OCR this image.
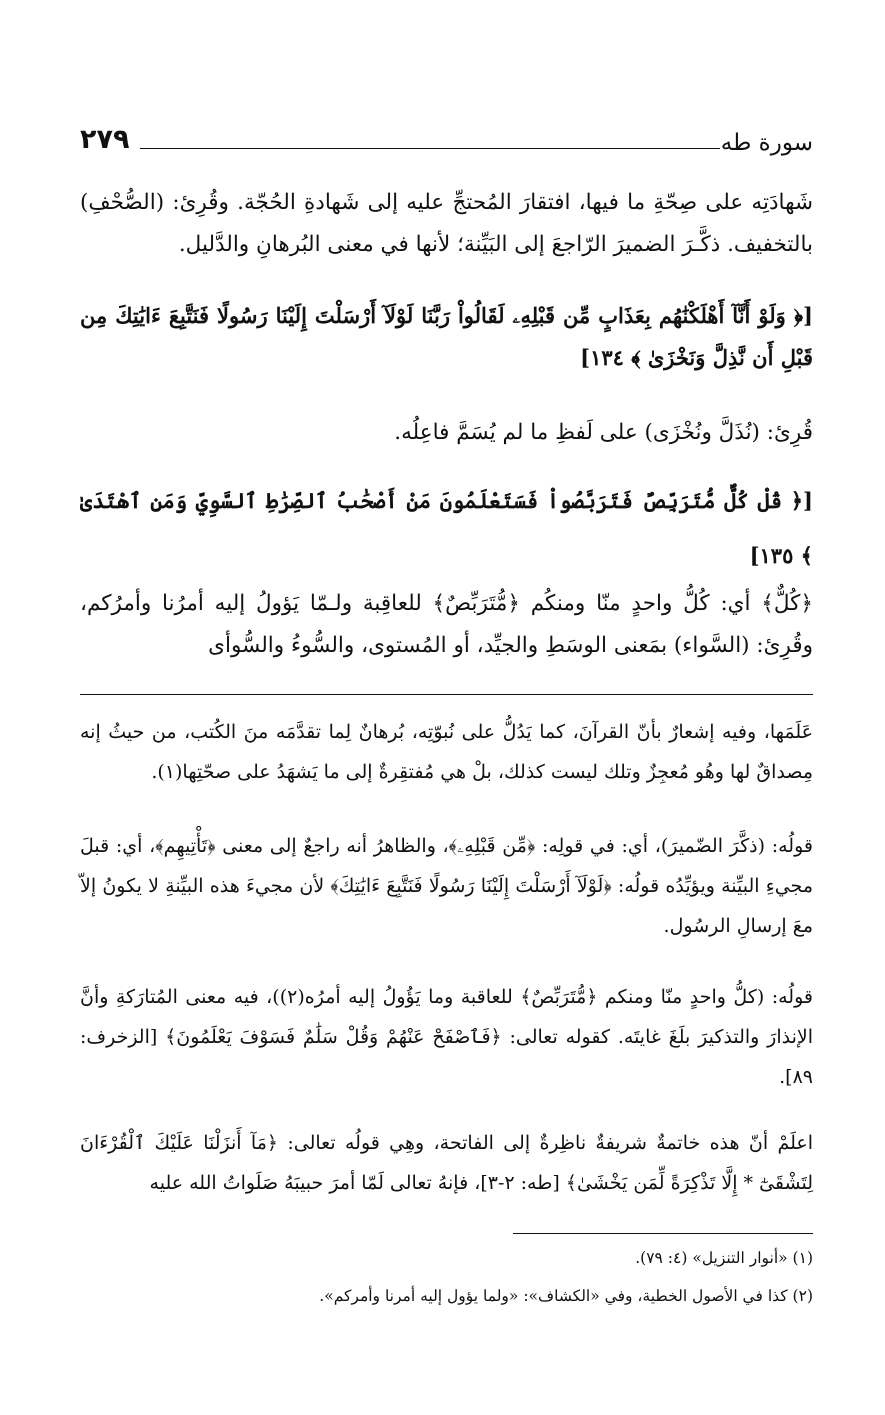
سورة طه
٢٧٩
شَهادَتِه على صِحّةِ ما فيها، افتقارَ المُحتجِّ عليه إلى شَهادةِ الحُجّة. وقُرِئ: (الصُّحْفِ) بالتخفيف. ذكَّـرَ الضميرَ الرّاجعَ إلى البَيِّنة؛ لأنها في معنى البُرهانِ والدَّليل.
[﴿ وَلَوْ أَنَّآ أَهْلَكْنَٰهُم بِعَذَابٍ مِّن قَبْلِهِۦ لَقَالُواْ رَبَّنَا لَوْلَآ أَرْسَلْتَ إِلَيْنَا رَسُولًا فَنَتَّبِعَ ءَايَٰتِكَ مِن قَبْلِ أَن نَّذِلَّ وَنَخْزَىٰ ﴾ ١٣٤]
قُرِئ: (نُذَلَّ ونُخْزَى) على لَفظِ ما لم يُسَمَّ فاعِلُه.
[﴿ قُلْ كُلٌّ مُّتَرَبِّصٌ فَتَرَبَّصُواْ فَسَتَعْلَمُونَ مَنْ أَصْحَٰبُ ٱلصِّرَٰطِ ٱلسَّوِيِّ وَمَنِ ٱهْتَدَىٰ ﴾ ١٣٥]
﴿كُلٌّ﴾ أي: كُلُّ واحدٍ منّا ومنكُم ﴿مُّتَرَبِّصٌ﴾ للعاقِبة ولـمّا يَؤولُ إليه أمرُنا وأمرُكم، وقُرِئ: (السَّواء) بمَعنى الوسَطِ والجيِّد، أو المُستوى، والسُّوءُ والسُّوأى
عَلَمَها، وفيه إشعارٌ بأنّ القرآنَ، كما يَدُلُّ على نُبوّتِه، بُرهانٌ لِما تقدَّمَه منَ الكُتب، من حيثُ إنه مِصداقٌ لها وهُو مُعجِزٌ وتلك ليست كذلك، بلْ هي مُفتقِرةٌ إلى ما يَشهَدُ على صحّتِها(١).
قولُه: (ذكَّرَ الضّميرَ)، أي: في قولِه: ﴿مِّن قَبْلِهِۦ﴾، والظاهرُ أنه راجعٌ إلى معنى ﴿تَأْتِيهِم﴾، أي: قبلَ مجيءِ البيِّنة ويؤيِّدُه قولُه: ﴿لَوْلَآ أَرْسَلْتَ إِلَيْنَا رَسُولًا فَنَتَّبِعَ ءَايَٰتِكَ﴾ لأن مجيءَ هذه البيِّنةِ لا يكونُ إلاّ معَ إرسالِ الرسُول.
قولُه: (كلُّ واحدٍ منّا ومنكم ﴿مُّتَرَبِّصٌ﴾ للعاقبة وما يَؤُولُ إليه أمرُه(٢))، فيه معنى المُتارَكةِ وأنَّ الإنذارَ والتذكيرَ بلَغَ غايتَه. كقوله تعالى: ﴿فَٱصْفَحْ عَنْهُمْ وَقُلْ سَلَٰمٌ فَسَوْفَ يَعْلَمُونَ﴾ [الزخرف: ٨٩].
اعلَمْ أنّ هذه خاتمةٌ شريفةٌ ناظِرةٌ إلى الفاتحة، وهِي قولُه تعالى: ﴿مَآ أَنزَلْنَا عَلَيْكَ ٱلْقُرْءَانَ لِتَشْقَىٰٓ * إِلَّا تَذْكِرَةً لِّمَن يَخْشَىٰ﴾ [طه: ٢-٣]، فإنهُ تعالى لَمّا أمرَ حبيبَهُ صَلَواتُ الله عليه
(١) «أنوار التنزيل» (٤: ٧٩).
(٢) كذا في الأصول الخطية، وفي «الكشاف»: «ولما يؤول إليه أمرنا وأمركم».
